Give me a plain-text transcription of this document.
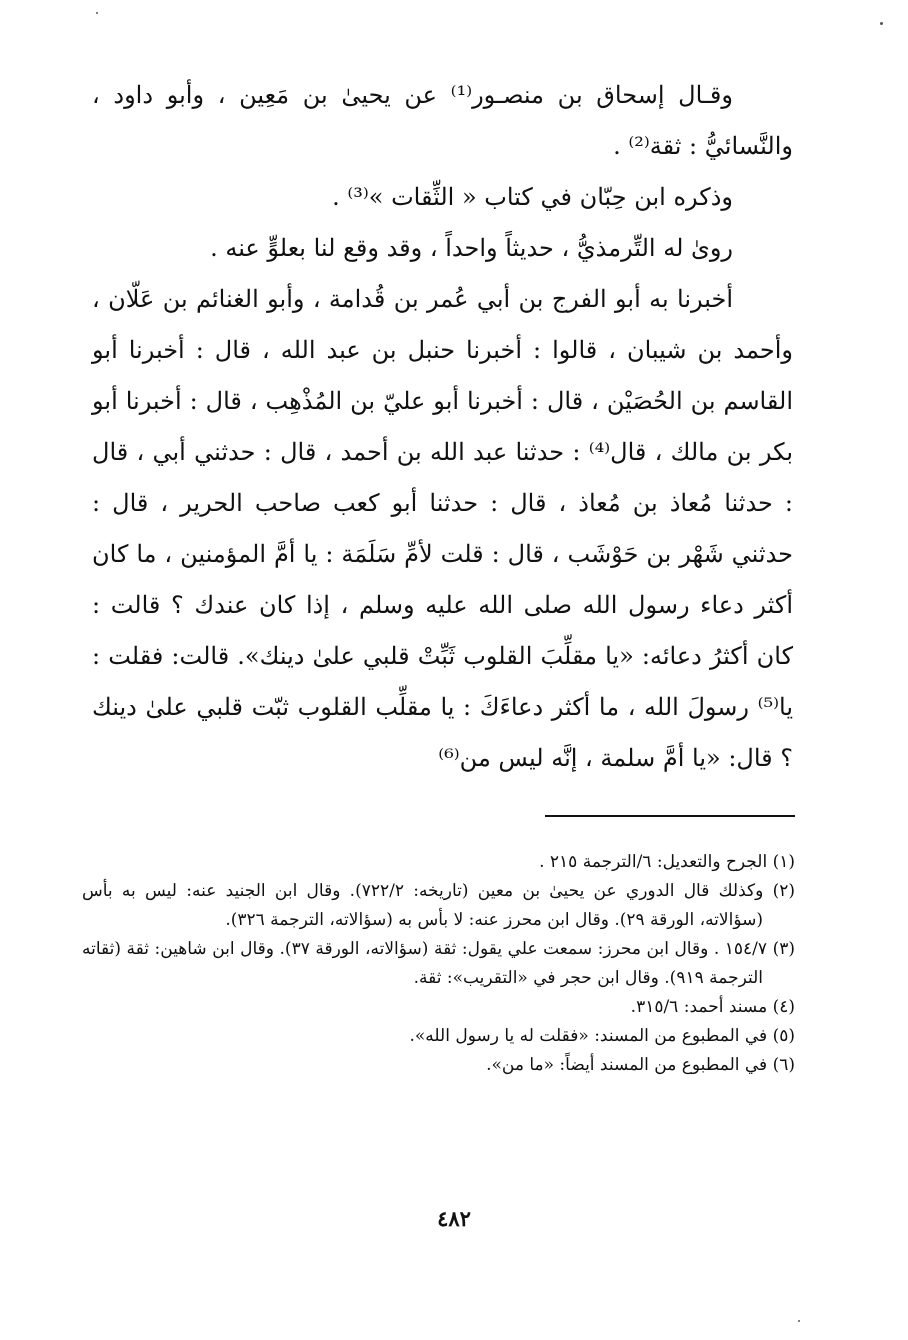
وقـال إسحاق بن منصـور⁽¹⁾ عن يحيىٰ بن مَعِين ، وأبو داود ، والنَّسائيُّ : ثقة⁽²⁾ .

وذكره ابن حِبّان في كتاب « الثِّقات »⁽³⁾ .

روىٰ له التِّرمذيُّ ، حديثاً واحداً ، وقد وقع لنا بعلوٍّ عنه .

أخبرنا به أبو الفرج بن أبي عُمر بن قُدامة ، وأبو الغنائم بن عَلّان ، وأحمد بن شيبان ، قالوا : أخبرنا حنبل بن عبد الله ، قال : أخبرنا أبو القاسم بن الحُصَيْن ، قال : أخبرنا أبو عليّ بن المُذْهِب ، قال : أخبرنا أبو بكر بن مالك ، قال⁽⁴⁾ : حدثنا عبد الله بن أحمد ، قال : حدثني أبي ، قال : حدثنا مُعاذ بن مُعاذ ، قال : حدثنا أبو كعب صاحب الحرير ، قال : حدثني شَهْر بن حَوْشَب ، قال : قلت لأمِّ سَلَمَة : يا أمَّ المؤمنين ، ما كان أكثر دعاء رسول الله صلى الله عليه وسلم ، إذا كان عندك ؟ قالت : كان أكثرُ دعائه: «يا مقلِّبَ القلوب ثَبِّتْ قلبي علىٰ دينك». قالت: فقلت : يا⁽⁵⁾ رسولَ الله ، ما أكثر دعاءَكَ : يا مقلِّب القلوب ثبّت قلبي علىٰ دينك ؟ قال: «يا أمَّ سلمة ، إنَّه ليس من⁽⁶⁾

(١) الجرح والتعديل: ٦/الترجمة ٢١٥ .

(٢) وكذلك قال الدوري عن يحيىٰ بن معين (تاريخه: ٧٢٢/٢). وقال ابن الجنيد عنه: ليس به بأس (سؤالاته، الورقة ٢٩). وقال ابن محرز عنه: لا بأس به (سؤالاته، الترجمة ٣٢٦).

(٣) ١٥٤/٧ . وقال ابن محرز: سمعت علي يقول: ثقة (سؤالاته، الورقة ٣٧). وقال ابن شاهين: ثقة (ثقاته الترجمة ٩١٩). وقال ابن حجر في «التقريب»: ثقة.

(٤) مسند أحمد: ٣١٥/٦.

(٥) في المطبوع من المسند: «فقلت له يا رسول الله».

(٦) في المطبوع من المسند أيضاً: «ما من».

٤٨٢
